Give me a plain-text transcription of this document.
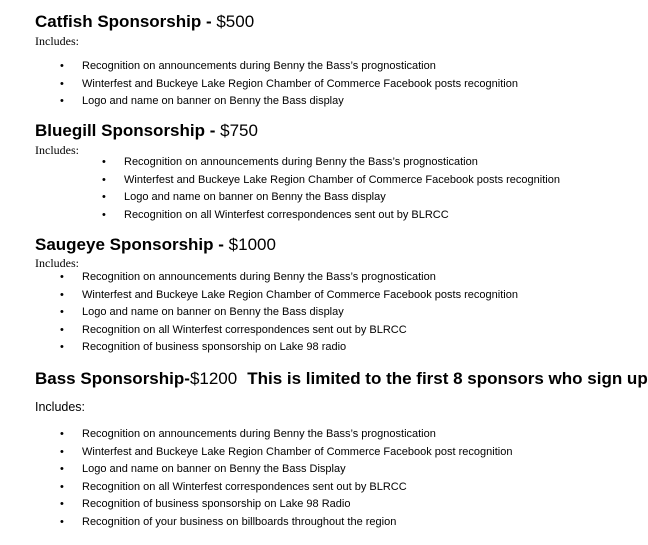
Catfish Sponsorship - $500

Includes:

• Recognition on announcements during Benny the Bass’s prognostication
• Winterfest and Buckeye Lake Region Chamber of Commerce Facebook posts recognition
• Logo and name on banner on Benny the Bass display
Bluegill Sponsorship - $750

Includes:

• Recognition on announcements during Benny the Bass’s prognostication
• Winterfest and Buckeye Lake Region Chamber of Commerce Facebook posts recognition
• Logo and name on banner on Benny the Bass display
• Recognition on all Winterfest correspondences sent out by BLRCC
Saugeye Sponsorship - $1000

Includes:

• Recognition on announcements during Benny the Bass’s prognostication
• Winterfest and Buckeye Lake Region Chamber of Commerce Facebook posts recognition
• Logo and name on banner on Benny the Bass display
• Recognition on all Winterfest correspondences sent out by BLRCC
• Recognition of business sponsorship on Lake 98 radio
Bass Sponsorship-$1200 This is limited to the first 8 sponsors who sign up

Includes:

• Recognition on announcements during Benny the Bass’s prognostication
• Winterfest and Buckeye Lake Region Chamber of Commerce Facebook post recognition
• Logo and name on banner on Benny the Bass Display
• Recognition on all Winterfest correspondences sent out by BLRCC
• Recognition of business sponsorship on Lake 98 Radio
• Recognition of your business on billboards throughout the region
